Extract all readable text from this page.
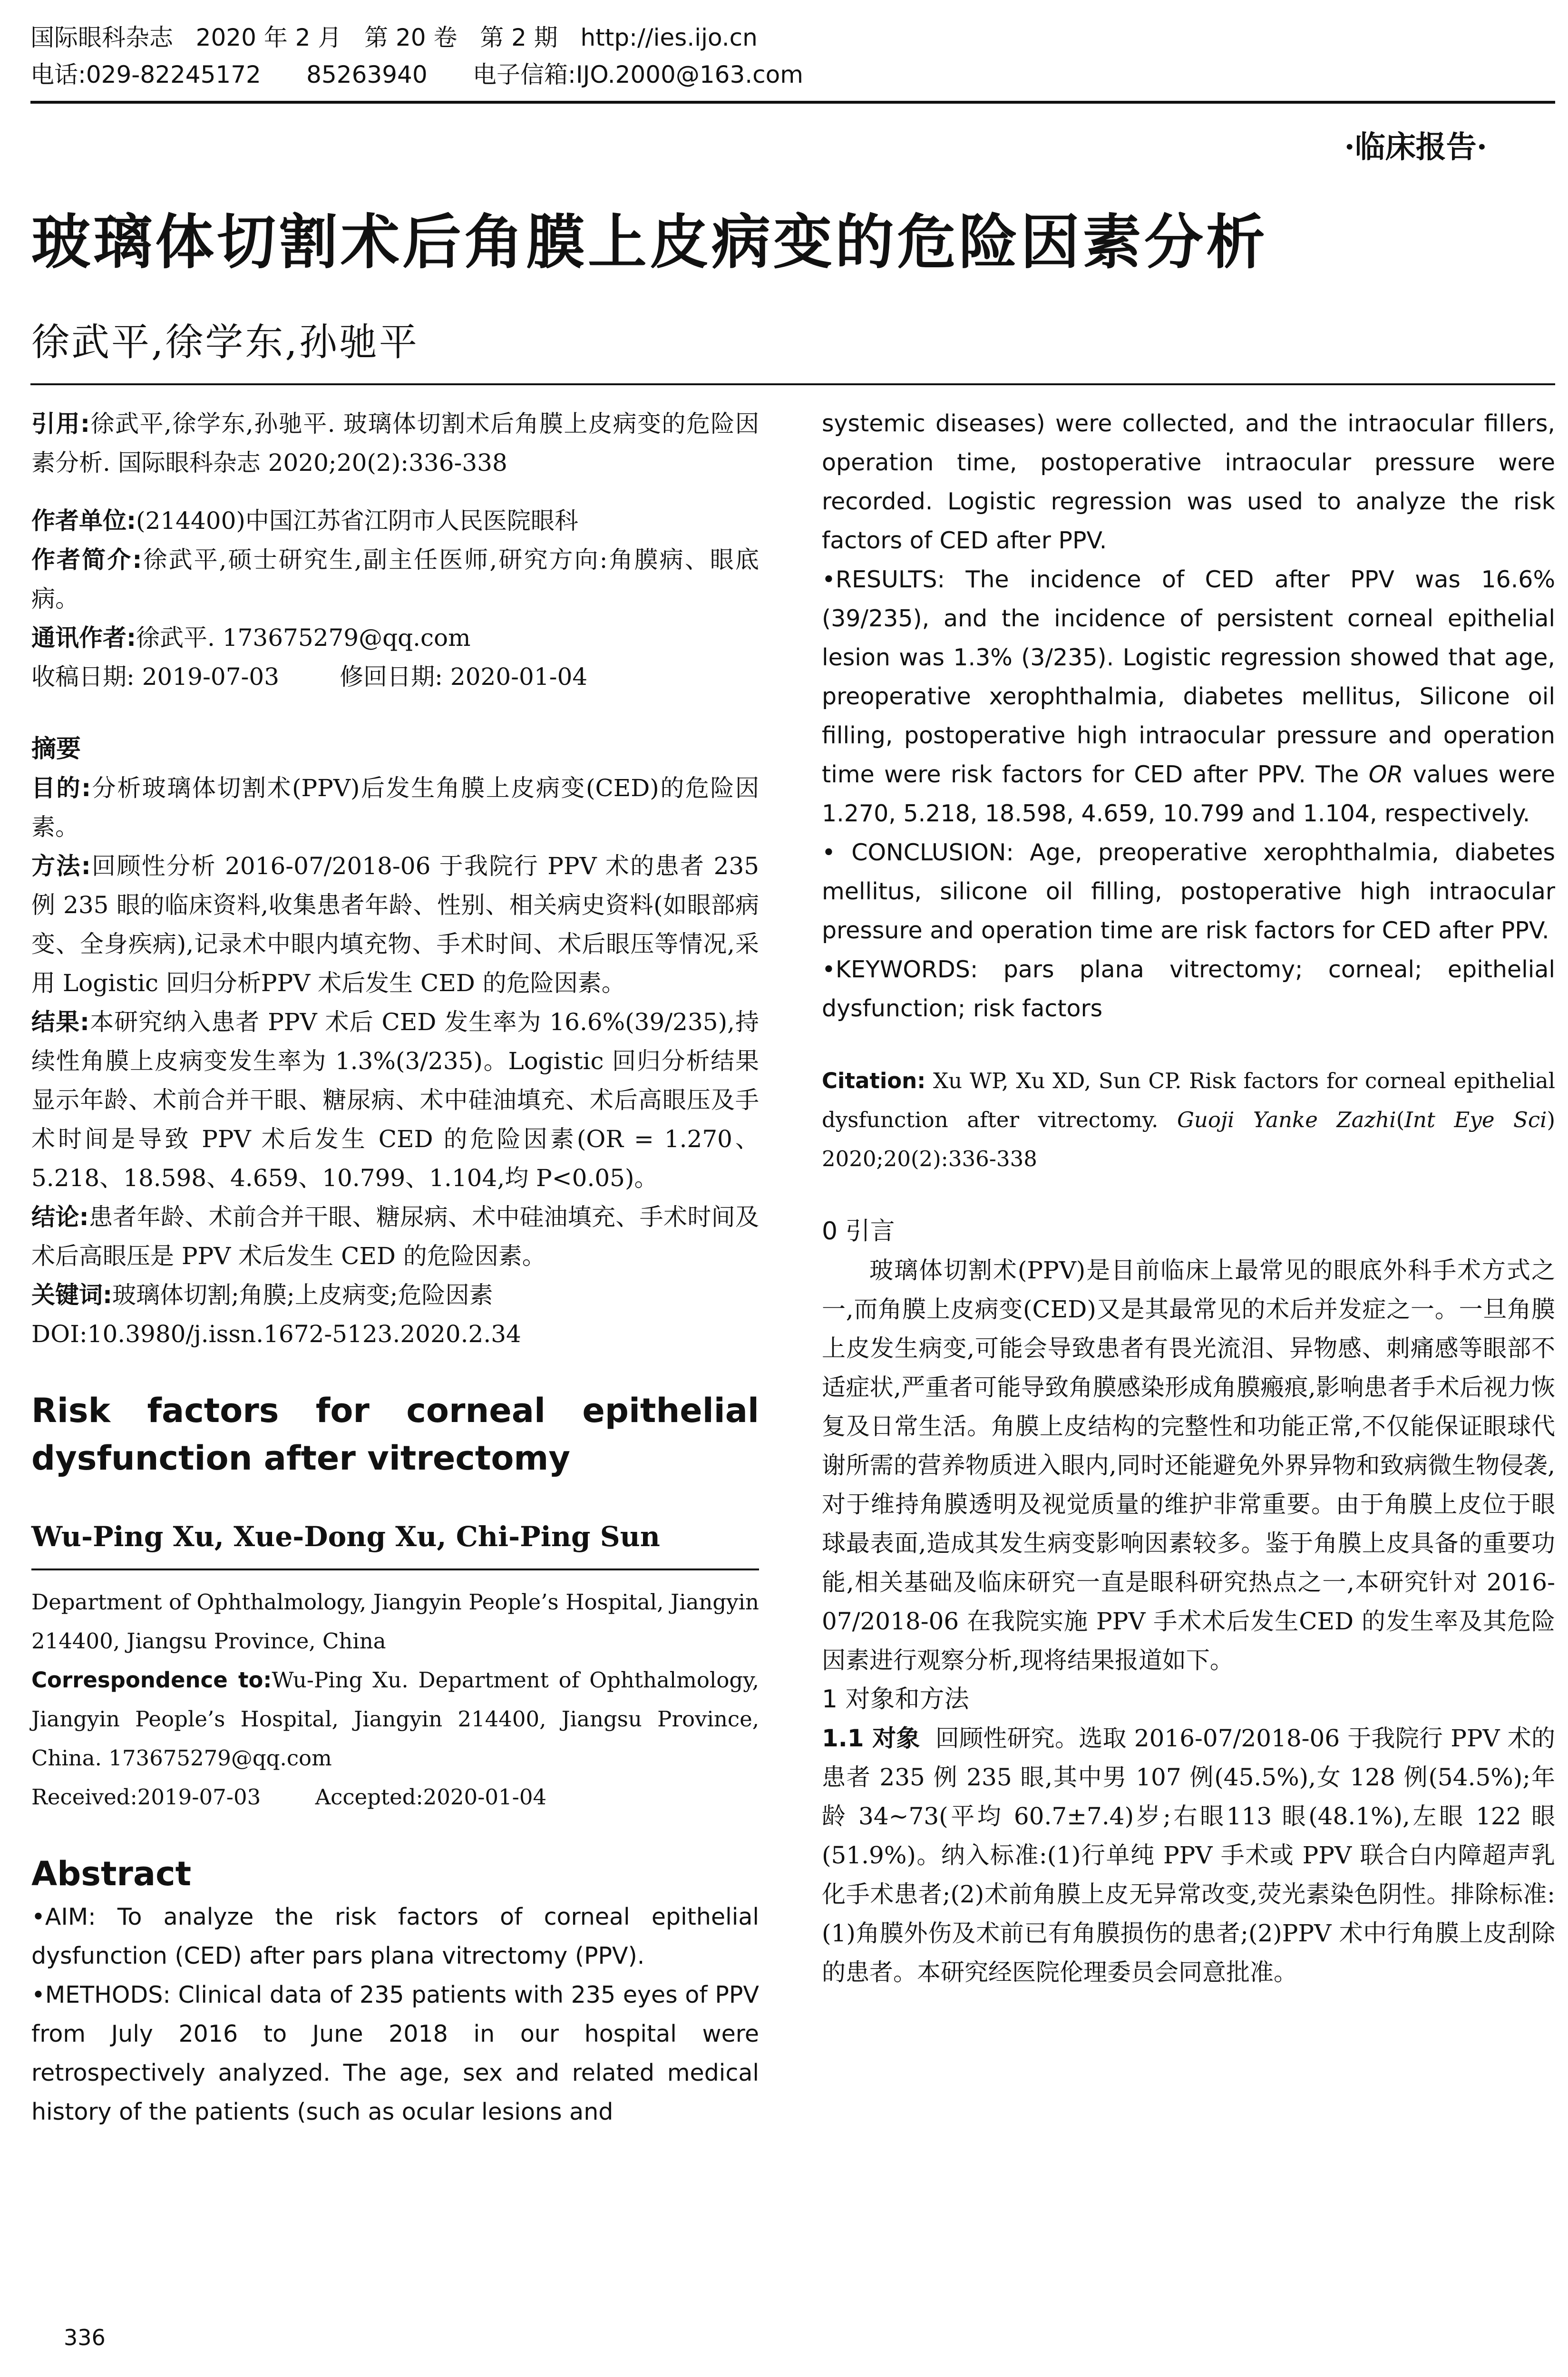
国际眼科杂志   2020 年 2 月   第 20 卷   第 2 期   http://ies.ijo.cn
电话:029-82245172      85263940      电子信箱:IJO.2000@163.com
·临床报告·
玻璃体切割术后角膜上皮病变的危险因素分析
徐武平,徐学东,孙驰平

引用:徐武平,徐学东,孙驰平. 玻璃体切割术后角膜上皮病变的危险因素分析. 国际眼科杂志 2020;20(2):336-338

作者单位:(214400)中国江苏省江阴市人民医院眼科

作者简介:徐武平,硕士研究生,副主任医师,研究方向:角膜病、眼底病。

通讯作者:徐武平. 173675279@qq.com

收稿日期: 2019-07-03        修回日期: 2020-01-04

摘要

目的:分析玻璃体切割术(PPV)后发生角膜上皮病变(CED)的危险因素。

方法:回顾性分析 2016-07/2018-06 于我院行 PPV 术的患者 235 例 235 眼的临床资料,收集患者年龄、性别、相关病史资料(如眼部病变、全身疾病),记录术中眼内填充物、手术时间、术后眼压等情况,采用 Logistic 回归分析PPV 术后发生 CED 的危险因素。

结果:本研究纳入患者 PPV 术后 CED 发生率为 16.6%(39/235),持续性角膜上皮病变发生率为 1.3%(3/235)。Logistic 回归分析结果显示年龄、术前合并干眼、糖尿病、术中硅油填充、术后高眼压及手术时间是导致 PPV 术后发生 CED 的危险因素(OR = 1.270、5.218、18.598、4.659、10.799、1.104,均 P<0.05)。

结论:患者年龄、术前合并干眼、糖尿病、术中硅油填充、手术时间及术后高眼压是 PPV 术后发生 CED 的危险因素。

关键词:玻璃体切割;角膜;上皮病变;危险因素

DOI:10.3980/j.issn.1672-5123.2020.2.34

Risk factors for corneal epithelial
dysfunction after vitrectomy
Wu-Ping Xu, Xue-Dong Xu, Chi-Ping Sun

Department of Ophthalmology, Jiangyin People’s Hospital, Jiangyin 214400, Jiangsu Province, China

Correspondence to:Wu-Ping Xu. Department of Ophthalmology, Jiangyin People’s Hospital, Jiangyin 214400, Jiangsu Province, China. 173675279@qq.com

Received:2019-07-03        Accepted:2020-01-04

Abstract

•AIM: To analyze the risk factors of corneal epithelial dysfunction (CED) after pars plana vitrectomy (PPV).

•METHODS: Clinical data of 235 patients with 235 eyes of PPV from July 2016 to June 2018 in our hospital were retrospectively analyzed. The age, sex and related medical history of the patients (such as ocular lesions and

systemic diseases) were collected, and the intraocular fillers, operation time, postoperative intraocular pressure were recorded. Logistic regression was used to analyze the risk factors of CED after PPV.

•RESULTS: The incidence of CED after PPV was 16.6% (39/235), and the incidence of persistent corneal epithelial lesion was 1.3% (3/235). Logistic regression showed that age, preoperative xerophthalmia, diabetes mellitus, Silicone oil filling, postoperative high intraocular pressure and operation time were risk factors for CED after PPV. The OR values were 1.270, 5.218, 18.598, 4.659, 10.799 and 1.104, respectively.

• CONCLUSION: Age, preoperative xerophthalmia, diabetes mellitus, silicone oil filling, postoperative high intraocular pressure and operation time are risk factors for CED after PPV.

•KEYWORDS: pars plana vitrectomy; corneal; epithelial dysfunction; risk factors

Citation: Xu WP, Xu XD, Sun CP. Risk factors for corneal epithelial dysfunction after vitrectomy. Guoji Yanke Zazhi(Int Eye Sci) 2020;20(2):336-338

0 引言

玻璃体切割术(PPV)是目前临床上最常见的眼底外科手术方式之一,而角膜上皮病变(CED)又是其最常见的术后并发症之一。一旦角膜上皮发生病变,可能会导致患者有畏光流泪、异物感、刺痛感等眼部不适症状,严重者可能导致角膜感染形成角膜瘢痕,影响患者手术后视力恢复及日常生活。角膜上皮结构的完整性和功能正常,不仅能保证眼球代谢所需的营养物质进入眼内,同时还能避免外界异物和致病微生物侵袭,对于维持角膜透明及视觉质量的维护非常重要。由于角膜上皮位于眼球最表面,造成其发生病变影响因素较多。鉴于角膜上皮具备的重要功能,相关基础及临床研究一直是眼科研究热点之一,本研究针对 2016-07/2018-06 在我院实施 PPV 手术术后发生CED 的发生率及其危险因素进行观察分析,现将结果报道如下。

1 对象和方法

1.1 对象 回顾性研究。选取 2016-07/2018-06 于我院行 PPV 术的患者 235 例 235 眼,其中男 107 例(45.5%),女 128 例(54.5%);年龄 34~73(平均 60.7±7.4)岁;右眼113 眼(48.1%),左眼 122 眼(51.9%)。纳入标准:(1)行单纯 PPV 手术或 PPV 联合白内障超声乳化手术患者;(2)术前角膜上皮无异常改变,荧光素染色阴性。排除标准:(1)角膜外伤及术前已有角膜损伤的患者;(2)PPV 术中行角膜上皮刮除的患者。本研究经医院伦理委员会同意批准。

336
